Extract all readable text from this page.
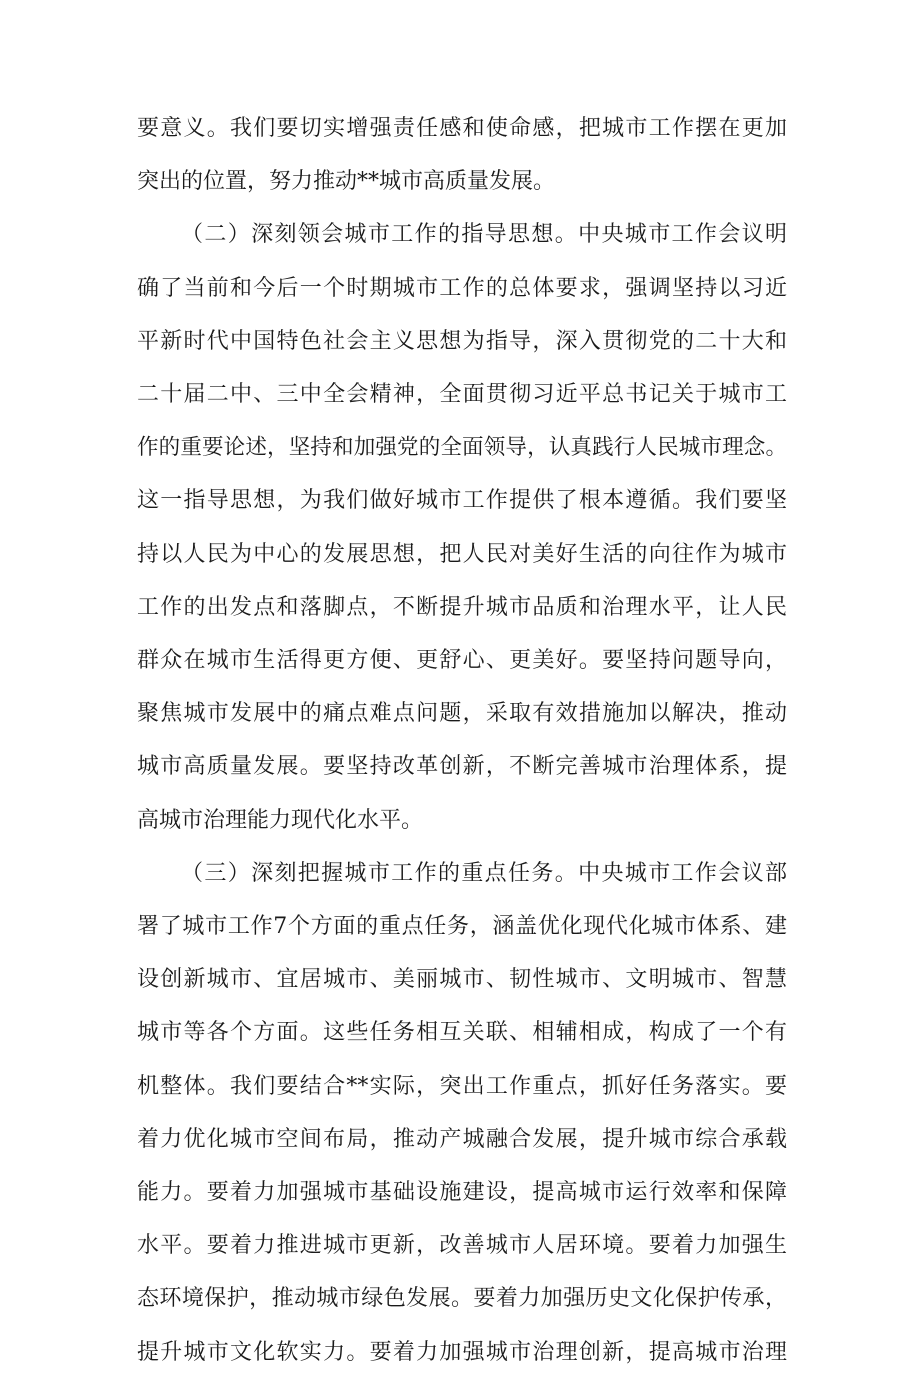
要意义。我们要切实增强责任感和使命感，把城市工作摆在更加
突出的位置，努力推动**城市高质量发展。

（二）深刻领会城市工作的指导思想。中央城市工作会议明
确了当前和今后一个时期城市工作的总体要求，强调坚持以习近
平新时代中国特色社会主义思想为指导，深入贯彻党的二十大和
二十届二中、三中全会精神，全面贯彻习近平总书记关于城市工
作的重要论述，坚持和加强党的全面领导，认真践行人民城市理念。
这一指导思想，为我们做好城市工作提供了根本遵循。我们要坚
持以人民为中心的发展思想，把人民对美好生活的向往作为城市
工作的出发点和落脚点，不断提升城市品质和治理水平，让人民
群众在城市生活得更方便、更舒心、更美好。要坚持问题导向，
聚焦城市发展中的痛点难点问题，采取有效措施加以解决，推动
城市高质量发展。要坚持改革创新，不断完善城市治理体系，提
高城市治理能力现代化水平。

（三）深刻把握城市工作的重点任务。中央城市工作会议部
署了城市工作7个方面的重点任务，涵盖优化现代化城市体系、建
设创新城市、宜居城市、美丽城市、韧性城市、文明城市、智慧
城市等各个方面。这些任务相互关联、相辅相成，构成了一个有
机整体。我们要结合**实际，突出工作重点，抓好任务落实。要
着力优化城市空间布局，推动产城融合发展，提升城市综合承载
能力。要着力加强城市基础设施建设，提高城市运行效率和保障
水平。要着力推进城市更新，改善城市人居环境。要着力加强生
态环境保护，推动城市绿色发展。要着力加强历史文化保护传承，
提升城市文化软实力。要着力加强城市治理创新，提高城市治理
